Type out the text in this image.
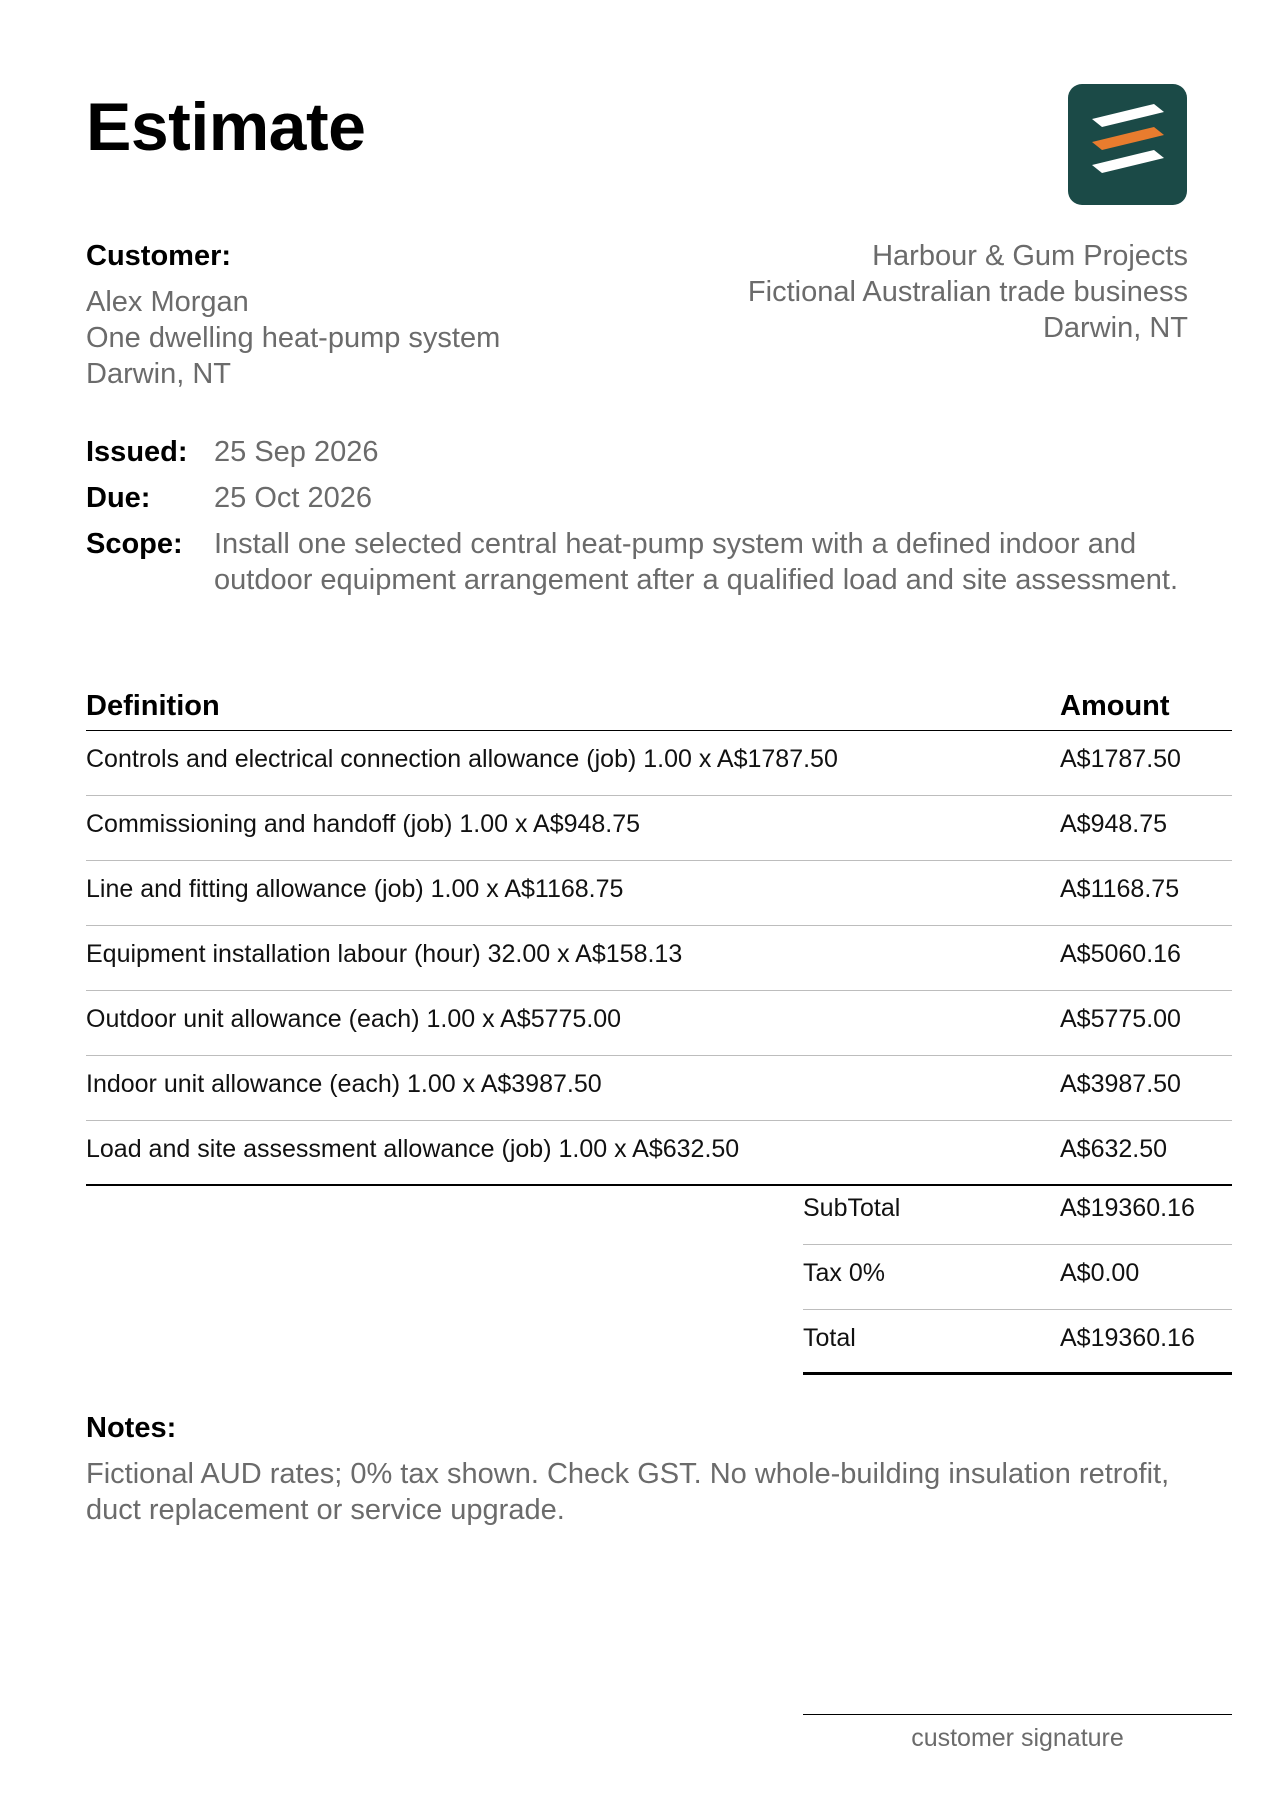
Estimate
Customer:
Alex Morgan
One dwelling heat-pump system
Darwin, NT
Harbour & Gum Projects
Fictional Australian trade business
Darwin, NT
Issued: 25 Sep 2026
Due: 25 Oct 2026
Scope: Install one selected central heat-pump system with a defined indoor and outdoor equipment arrangement after a qualified load and site assessment.
Definition	Amount
Controls and electrical connection allowance (job) 1.00 x A$1787.50	A$1787.50
Commissioning and handoff (job) 1.00 x A$948.75	A$948.75
Line and fitting allowance (job) 1.00 x A$1168.75	A$1168.75
Equipment installation labour (hour) 32.00 x A$158.13	A$5060.16
Outdoor unit allowance (each) 1.00 x A$5775.00	A$5775.00
Indoor unit allowance (each) 1.00 x A$3987.50	A$3987.50
Load and site assessment allowance (job) 1.00 x A$632.50	A$632.50
SubTotal	A$19360.16
Tax 0%	A$0.00
Total	A$19360.16
Notes:
Fictional AUD rates; 0% tax shown. Check GST. No whole-building insulation retrofit, duct replacement or service upgrade.
customer signature
